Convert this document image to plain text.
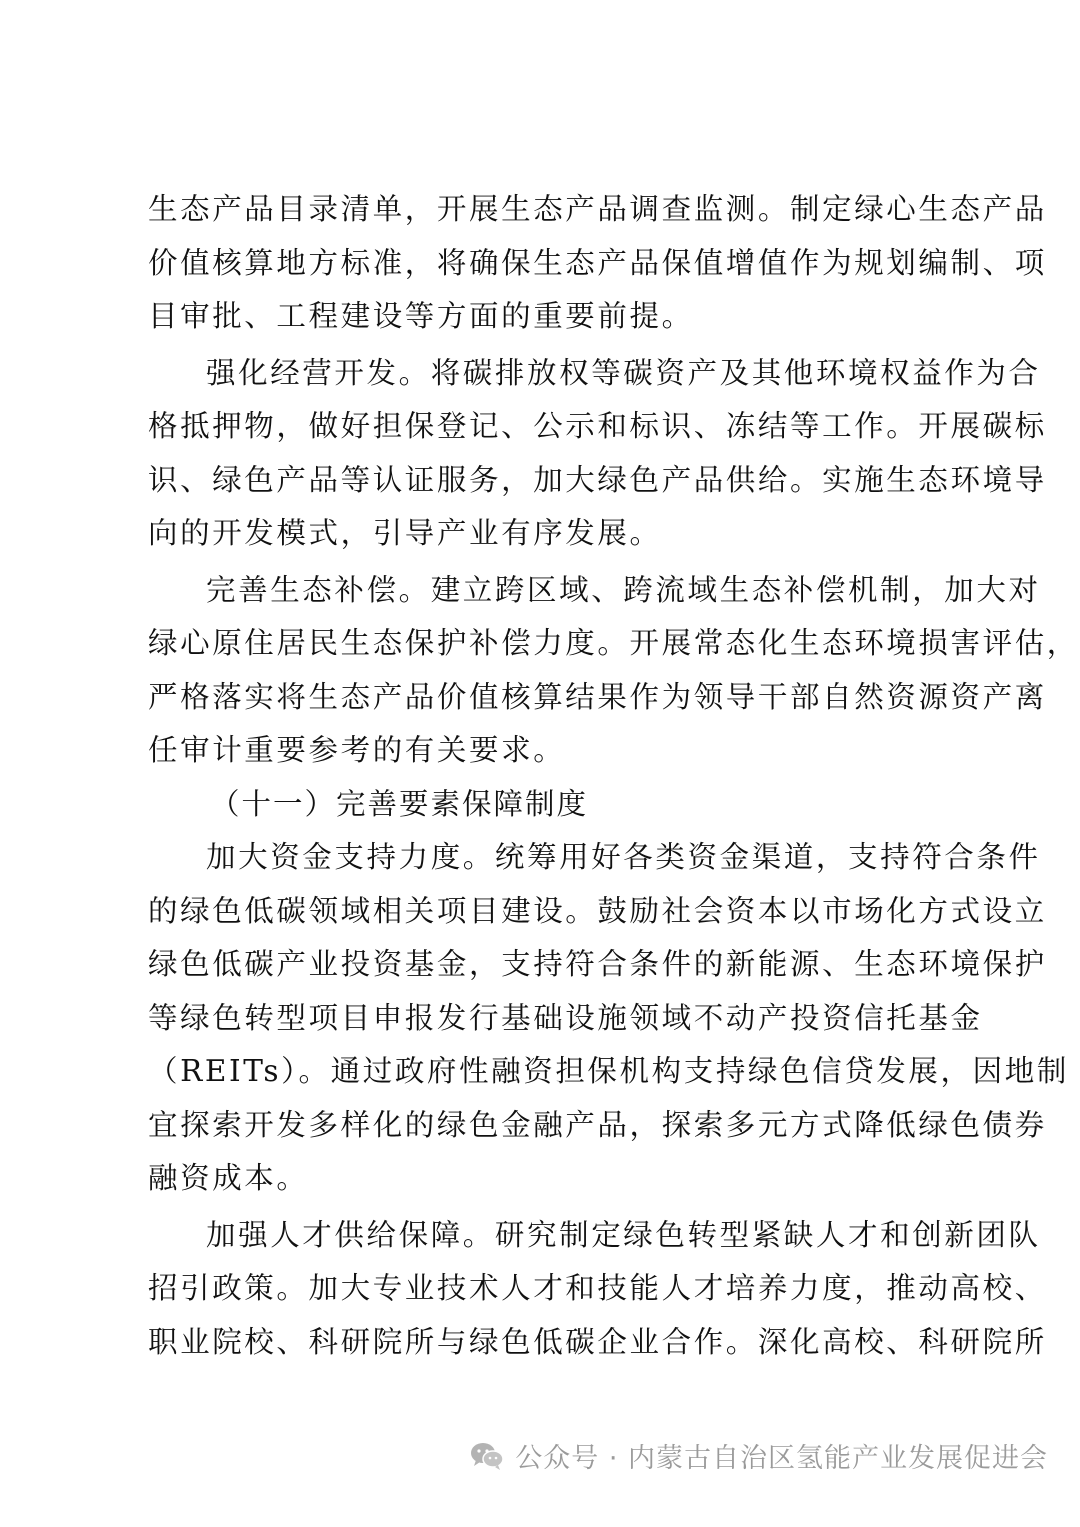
生态产品目录清单，开展生态产品调查监测。制定绿心生态产品
价值核算地方标准，将确保生态产品保值增值作为规划编制、项
目审批、工程建设等方面的重要前提。

强化经营开发。将碳排放权等碳资产及其他环境权益作为合
格抵押物，做好担保登记、公示和标识、冻结等工作。开展碳标
识、绿色产品等认证服务，加大绿色产品供给。实施生态环境导
向的开发模式，引导产业有序发展。

完善生态补偿。建立跨区域、跨流域生态补偿机制，加大对
绿心原住居民生态保护补偿力度。开展常态化生态环境损害评估，
严格落实将生态产品价值核算结果作为领导干部自然资源资产离
任审计重要参考的有关要求。

（十一）完善要素保障制度

加大资金支持力度。统筹用好各类资金渠道，支持符合条件
的绿色低碳领域相关项目建设。鼓励社会资本以市场化方式设立
绿色低碳产业投资基金，支持符合条件的新能源、生态环境保护
等绿色转型项目申报发行基础设施领域不动产投资信托基金
（REITs）。通过政府性融资担保机构支持绿色信贷发展，因地制
宜探索开发多样化的绿色金融产品，探索多元方式降低绿色债券
融资成本。

加强人才供给保障。研究制定绿色转型紧缺人才和创新团队
招引政策。加大专业技术人才和技能人才培养力度，推动高校、
职业院校、科研院所与绿色低碳企业合作。深化高校、科研院所

公众号 · 内蒙古自治区氢能产业发展促进会
